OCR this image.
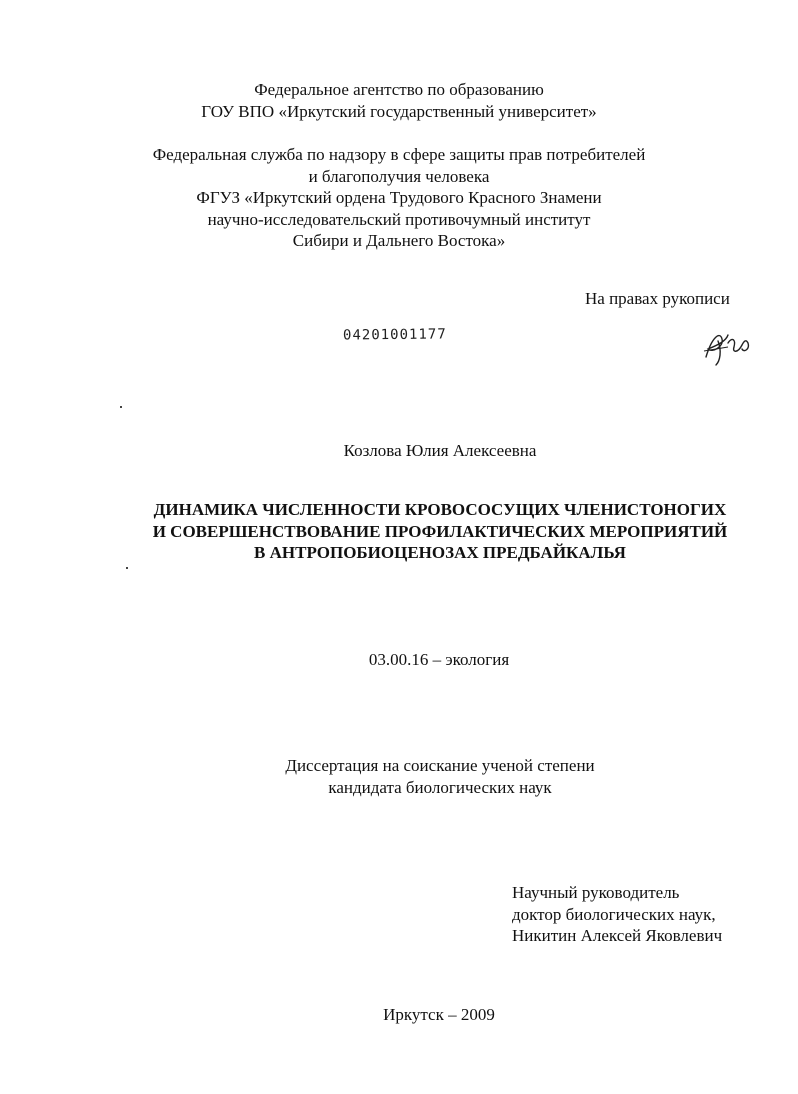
Федеральное агентство по образованию
ГОУ ВПО «Иркутский государственный университет»
Федеральная служба по надзору в сфере защиты прав потребителей
и благополучия человека
ФГУЗ «Иркутский ордена Трудового Красного Знамени
научно-исследовательский противочумный институт
Сибири и Дальнего Востока»
На правах рукописи
04201001177
Козлова Юлия Алексеевна
ДИНАМИКА ЧИСЛЕННОСТИ КРОВОСОСУЩИХ ЧЛЕНИСТОНОГИХ
И СОВЕРШЕНСТВОВАНИЕ ПРОФИЛАКТИЧЕСКИХ МЕРОПРИЯТИЙ
В АНТРОПОБИОЦЕНОЗАХ ПРЕДБАЙКАЛЬЯ
03.00.16 – экология
Диссертация на соискание ученой степени
кандидата биологических наук
Научный руководитель
доктор биологических наук,
Никитин Алексей Яковлевич
Иркутск – 2009
